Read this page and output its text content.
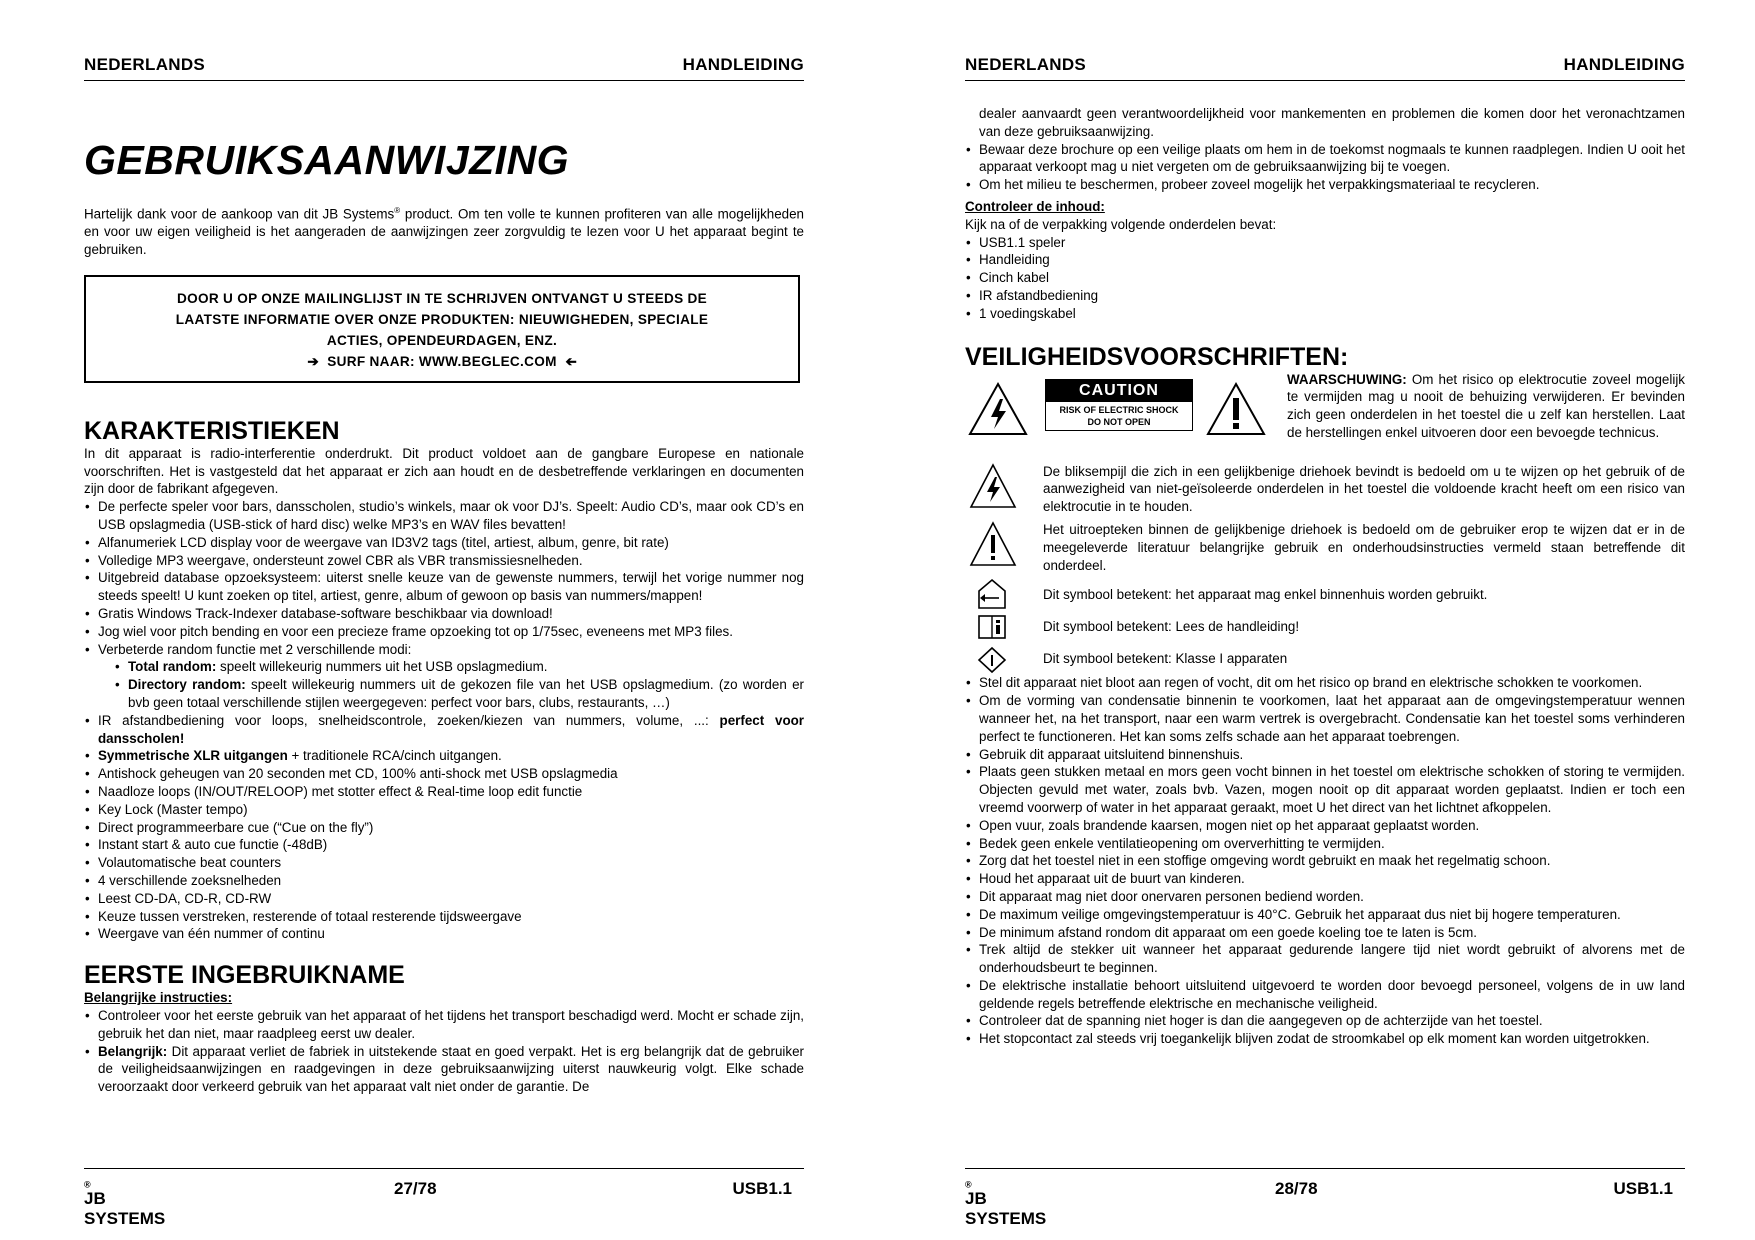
NEDERLANDS	HANDLEIDING
GEBRUIKSAANWIJZING

Hartelijk dank voor de aankoop van dit JB Systems® product. Om ten volle te kunnen profiteren van alle mogelijkheden en voor uw eigen veiligheid is het aangeraden de aanwijzingen zeer zorgvuldig te lezen voor U het apparaat begint te gebruiken.

DOOR U OP ONZE MAILINGLIJST IN TE SCHRIJVEN ONTVANGT U STEEDS DE
LAATSTE INFORMATIE OVER ONZE PRODUKTEN: NIEUWIGHEDEN, SPECIALE
ACTIES, OPENDEURDAGEN, ENZ.
➔ SURF NAAR: WWW.BEGLEC.COM ➔
KARAKTERISTIEKEN

In dit apparaat is radio-interferentie onderdrukt. Dit product voldoet aan de gangbare Europese en nationale voorschriften. Het is vastgesteld dat het apparaat er zich aan houdt en de desbetreffende verklaringen en documenten zijn door de fabrikant afgegeven.

• De perfecte speler voor bars, dansscholen, studio’s winkels, maar ok voor DJ’s. Speelt: Audio CD’s, maar ook CD’s en USB opslagmedia (USB-stick of hard disc) welke MP3’s en WAV files bevatten!
• Alfanumeriek LCD display voor de weergave van ID3V2 tags (titel, artiest, album, genre, bit rate)
• Volledige MP3 weergave, ondersteunt zowel CBR als VBR transmissiesnelheden.
• Uitgebreid database opzoeksysteem: uiterst snelle keuze van de gewenste nummers, terwijl het vorige nummer nog steeds speelt! U kunt zoeken op titel, artiest, genre, album of gewoon op basis van nummers/mappen!
• Gratis Windows Track-Indexer database-software beschikbaar via download!
• Jog wiel voor pitch bending en voor een precieze frame opzoeking tot op 1/75sec, eveneens met MP3 files.
• Verbeterde random functie met 2 verschillende modi:
• Total random: speelt willekeurig nummers uit het USB opslagmedium.
• Directory random: speelt willekeurig nummers uit de gekozen file van het USB opslagmedium. (zo worden er bvb geen totaal verschillende stijlen weergegeven: perfect voor bars, clubs, restaurants, …)
• IR afstandbediening voor loops, snelheidscontrole, zoeken/kiezen van nummers, volume, ...: perfect voor dansscholen!
• Symmetrische XLR uitgangen + traditionele RCA/cinch uitgangen.
• Antishock geheugen van 20 seconden met CD, 100% anti-shock met USB opslagmedia
• Naadloze loops (IN/OUT/RELOOP) met stotter effect & Real-time loop edit functie
• Key Lock (Master tempo)
• Direct programmeerbare cue (“Cue on the fly”)
• Instant start & auto cue functie (-48dB)
• Volautomatische beat counters
• 4 verschillende zoeksnelheden
• Leest CD-DA, CD-R, CD-RW
• Keuze tussen verstreken, resterende of totaal resterende tijdsweergave
• Weergave van één nummer of continu
EERSTE INGEBRUIKNAME
Belangrijke instructies:
• Controleer voor het eerste gebruik van het apparaat of het tijdens het transport beschadigd werd. Mocht er schade zijn, gebruik het dan niet, maar raadpleeg eerst uw dealer.
• Belangrijk: Dit apparaat verliet de fabriek in uitstekende staat en goed verpakt. Het is erg belangrijk dat de gebruiker de veiligheidsaanwijzingen en raadgevingen in deze gebruiksaanwijzing uiterst nauwkeurig volgt. Elke schade veroorzaakt door verkeerd gebruik van het apparaat valt niet onder de garantie. De
JB SYSTEMS
®	27/78	USB1.1
NEDERLANDS	HANDLEIDING

dealer aanvaardt geen verantwoordelijkheid voor mankementen en problemen die komen door het veronachtzamen van deze gebruiksaanwijzing.

• Bewaar deze brochure op een veilige plaats om hem in de toekomst nogmaals te kunnen raadplegen. Indien U ooit het apparaat verkoopt mag u niet vergeten om de gebruiksaanwijzing bij te voegen.
• Om het milieu te beschermen, probeer zoveel mogelijk het verpakkingsmateriaal te recycleren.
Controleer de inhoud:
Kijk na of de verpakking volgende onderdelen bevat:
• USB1.1 speler
• Handleiding
• Cinch kabel
• IR afstandbediening
• 1 voedingskabel
VEILIGHEIDSVOORSCHRIFTEN:
CAUTION
RISK OF ELECTRIC SHOCK
DO NOT OPEN
WAARSCHUWING: Om het risico op elektrocutie zoveel mogelijk te vermijden mag u nooit de behuizing verwijderen. Er bevinden zich geen onderdelen in het toestel die u zelf kan herstellen. Laat de herstellingen enkel uitvoeren door een bevoegde technicus.
De bliksempijl die zich in een gelijkbenige driehoek bevindt is bedoeld om u te wijzen op het gebruik of de aanwezigheid van niet-geïsoleerde onderdelen in het toestel die voldoende kracht heeft om een risico van elektrocutie in te houden.
Het uitroepteken binnen de gelijkbenige driehoek is bedoeld om de gebruiker erop te wijzen dat er in de meegeleverde literatuur belangrijke gebruik en onderhoudsinstructies vermeld staan betreffende dit onderdeel.
Dit symbool betekent: het apparaat mag enkel binnenhuis worden gebruikt.
Dit symbool betekent: Lees de handleiding!
Dit symbool betekent: Klasse I apparaten
• Stel dit apparaat niet bloot aan regen of vocht, dit om het risico op brand en elektrische schokken te voorkomen.
• Om de vorming van condensatie binnenin te voorkomen, laat het apparaat aan de omgevingstemperatuur wennen wanneer het, na het transport, naar een warm vertrek is overgebracht. Condensatie kan het toestel soms verhinderen perfect te functioneren. Het kan soms zelfs schade aan het apparaat toebrengen.
• Gebruik dit apparaat uitsluitend binnenshuis.
• Plaats geen stukken metaal en mors geen vocht binnen in het toestel om elektrische schokken of storing te vermijden. Objecten gevuld met water, zoals bvb. Vazen, mogen nooit op dit apparaat worden geplaatst. Indien er toch een vreemd voorwerp of water in het apparaat geraakt, moet U het direct van het lichtnet afkoppelen.
• Open vuur, zoals brandende kaarsen, mogen niet op het apparaat geplaatst worden.
• Bedek geen enkele ventilatieopening om oververhitting te vermijden.
• Zorg dat het toestel niet in een stoffige omgeving wordt gebruikt en maak het regelmatig schoon.
• Houd het apparaat uit de buurt van kinderen.
• Dit apparaat mag niet door onervaren personen bediend worden.
• De maximum veilige omgevingstemperatuur is 40°C. Gebruik het apparaat dus niet bij hogere temperaturen.
• De minimum afstand rondom dit apparaat om een goede koeling toe te laten is 5cm.
• Trek altijd de stekker uit wanneer het apparaat gedurende langere tijd niet wordt gebruikt of alvorens met de onderhoudsbeurt te beginnen.
• De elektrische installatie behoort uitsluitend uitgevoerd te worden door bevoegd personeel, volgens de in uw land geldende regels betreffende elektrische en mechanische veiligheid.
• Controleer dat de spanning niet hoger is dan die aangegeven op de achterzijde van het toestel.
• Het stopcontact zal steeds vrij toegankelijk blijven zodat de stroomkabel op elk moment kan worden uitgetrokken.
JB SYSTEMS
®	28/78	USB1.1
